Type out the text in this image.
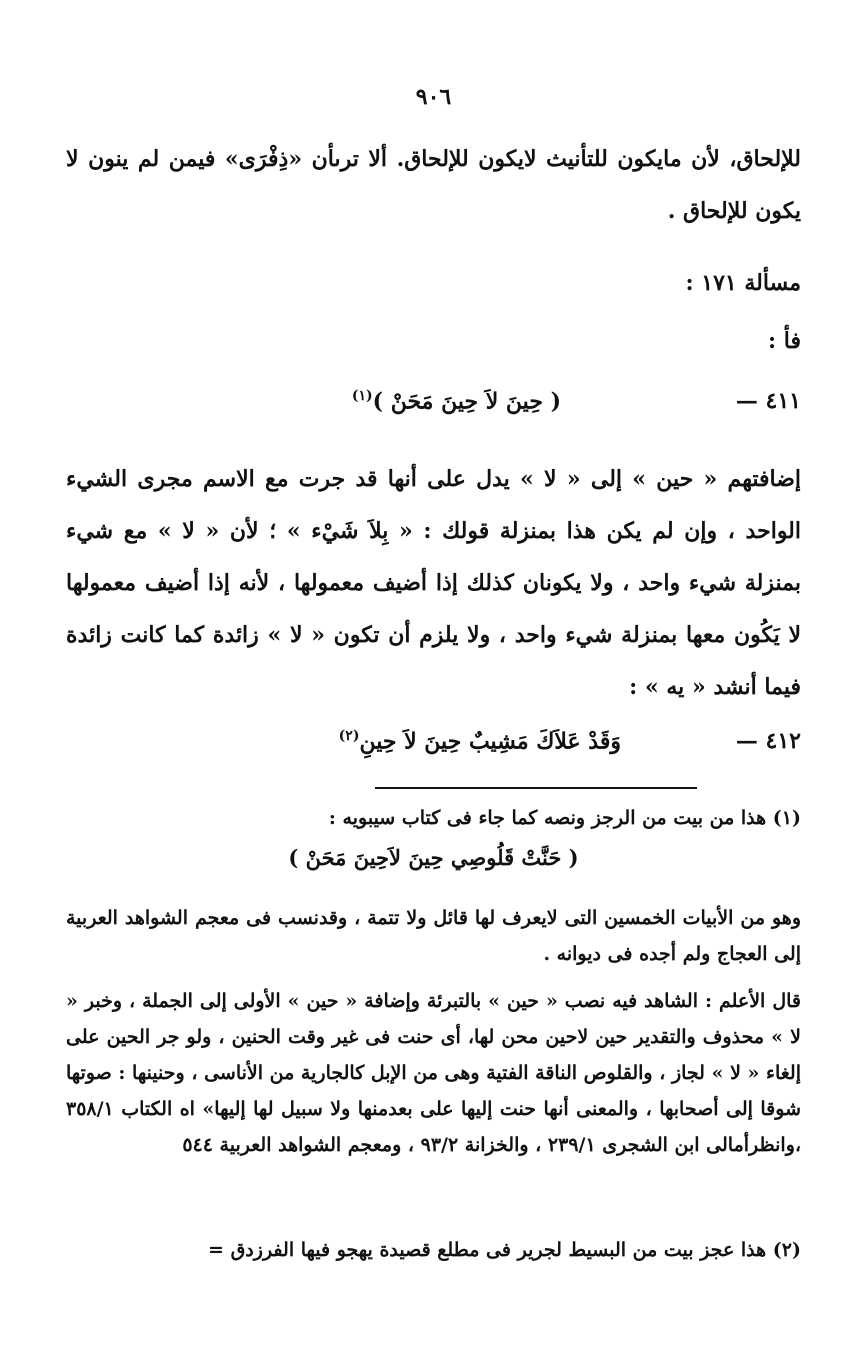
٩٠٦
للإلحاق، لأن مايكون للتأنيث لايكون للإلحاق. ألا ترىأن «ذِفْرَى» فيمن لم ينون لا يكون للإلحاق .
مسألة ١٧١ :
فأ :
٤١١ —
( حِينَ لاَ حِينَ مَحَنْ )$^{(١)}$
إضافتهم « حين » إلى « لا » يدل على أنها قد جرت مع الاسم مجرى الشيء الواحد ، وإن لم يكن هذا بمنزلة قولك : « بِلاَ شَيْء » ؛ لأن « لا » مع شيء بمنزلة شيء واحد ، ولا يكونان كذلك إذا أضيف معمولها ، لأنه إذا أضيف معمولها لا يَكُون معها بمنزلة شيء واحد ، ولا يلزم أن تكون « لا » زائدة كما كانت زائدة فيما أنشد « يه » :
٤١٢ —
وَقَدْ عَلاَكَ مَشِيبٌ حِينَ لاَ حِينِ$^{(٢)}$
(١) هذا من بيت من الرجز ونصه كما جاء فى كتاب سيبويه :
( حَنَّتْ قَلُوصِي حِينَ لاَحِينَ مَحَنْ )
وهو من الأبيات الخمسين التى لايعرف لها قائل ولا تتمة ، وقدنسب فى معجم الشواهد العربية إلى العجاج ولم أجده فى ديوانه .
قال الأعلم : الشاهد فيه نصب « حين » بالتبرئة وإضافة « حين » الأولى إلى الجملة ، وخبر « لا » محذوف والتقدير حين لاحين محن لها، أى حنت فى غير وقت الحنين ، ولو جر الحين على إلغاء « لا » لجاز ، والقلوص الناقة الفتية وهى من الإبل كالجارية من الأناسى ، وحنينها : صوتها شوقا إلى أصحابها ، والمعنى أنها حنت إليها على بعدمنها ولا سبيل لها إليها» اه الكتاب ٣٥٨/١ ،وانظرأمالى ابن الشجرى ٢٣٩/١ ، والخزانة ٩٣/٢ ، ومعجم الشواهد العربية ٥٤٤
(٢) هذا عجز بيت من البسيط لجرير فى مطلع قصيدة يهجو فيها الفرزدق =
